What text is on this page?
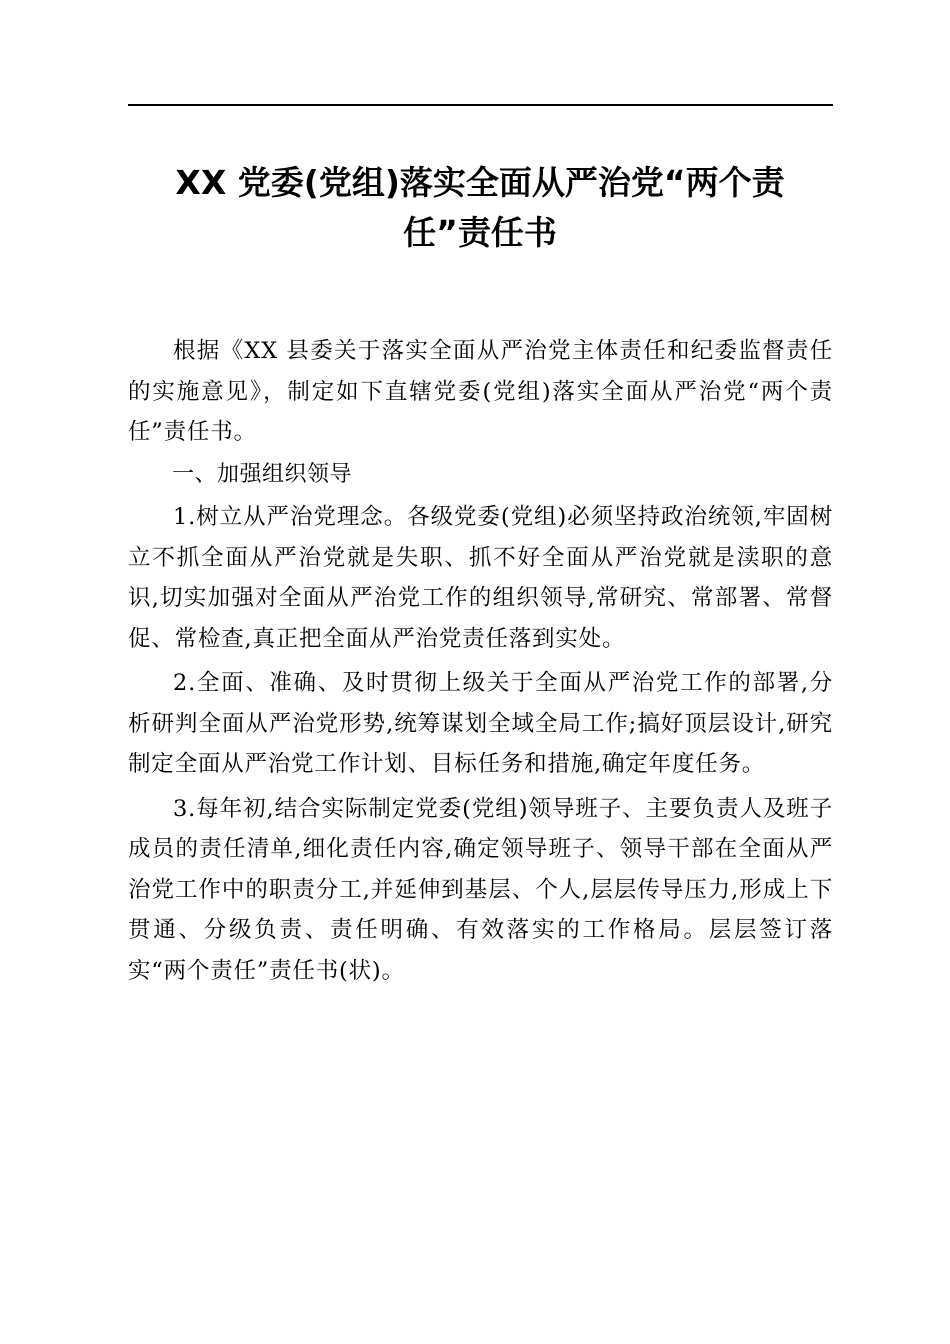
XX 党委(党组)落实全面从严治党“两个责
任”责任书

根据《XX 县委关于落实全面从严治党主体责任和纪委监督责任的实施意见》，制定如下直辖党委(党组)落实全面从严治党“两个责任”责任书。

一、加强组织领导

1.树立从严治党理念。各级党委(党组)必须坚持政治统领,牢固树立不抓全面从严治党就是失职、抓不好全面从严治党就是渎职的意识,切实加强对全面从严治党工作的组织领导,常研究、常部署、常督促、常检查,真正把全面从严治党责任落到实处。

2.全面、准确、及时贯彻上级关于全面从严治党工作的部署,分析研判全面从严治党形势,统筹谋划全域全局工作;搞好顶层设计,研究制定全面从严治党工作计划、目标任务和措施,确定年度任务。

3.每年初,结合实际制定党委(党组)领导班子、主要负责人及班子成员的责任清单,细化责任内容,确定领导班子、领导干部在全面从严治党工作中的职责分工,并延伸到基层、个人,层层传导压力,形成上下贯通、分级负责、责任明确、有效落实的工作格局。层层签订落实“两个责任”责任书(状)。
